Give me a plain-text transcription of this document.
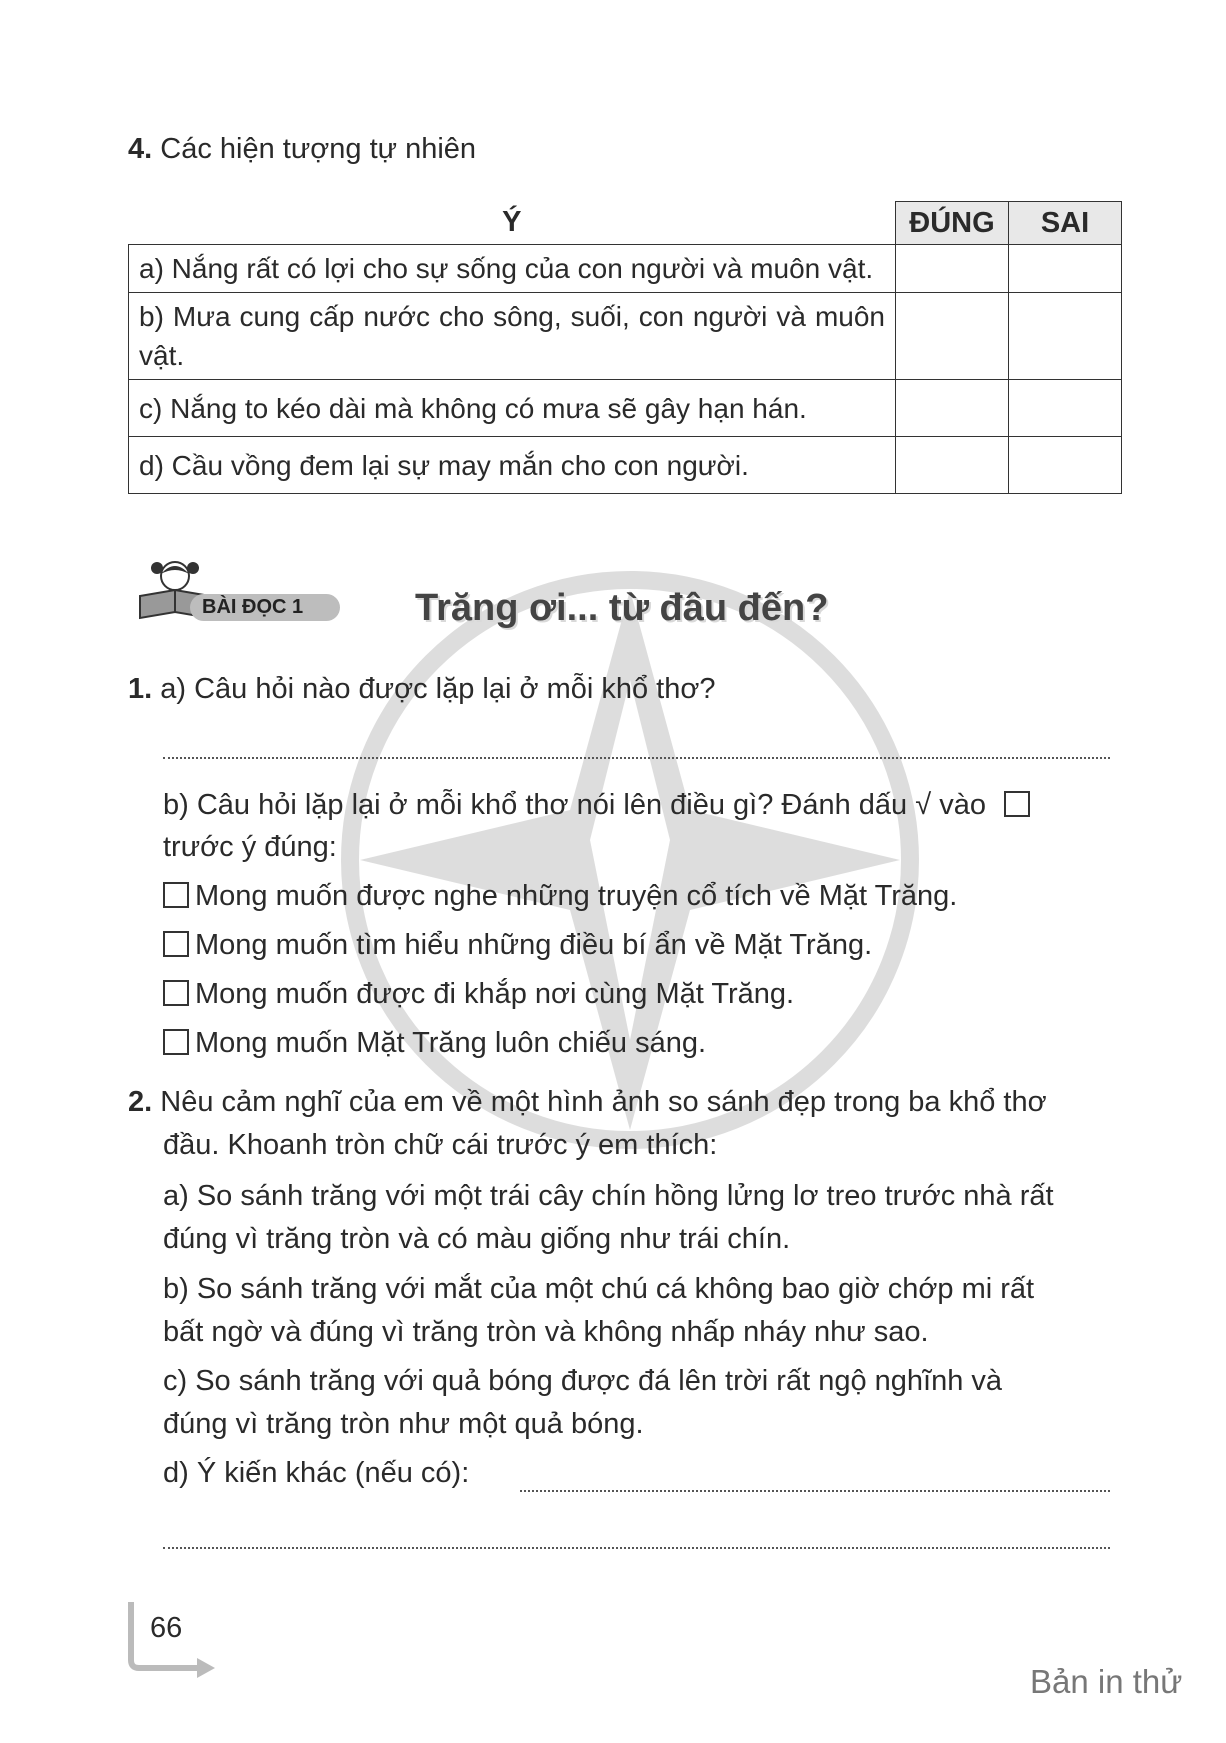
4. Các hiện tượng tự nhiên
Ý	ĐÚNG	SAI
a) Nắng rất có lợi cho sự sống của con người và muôn vật.		
b) Mưa cung cấp nước cho sông, suối, con người và muôn vật.		
c) Nắng to kéo dài mà không có mưa sẽ gây hạn hán.		
d) Cầu vồng đem lại sự may mắn cho con người.		
BÀI ĐỌC 1	Trăng ơi... từ đâu đến?
1. a) Câu hỏi nào được lặp lại ở mỗi khổ thơ?
b) Câu hỏi lặp lại ở mỗi khổ thơ nói lên điều gì? Đánh dấu √ vào
trước ý đúng:
Mong muốn được nghe những truyện cổ tích về Mặt Trăng.
Mong muốn tìm hiểu những điều bí ẩn về Mặt Trăng.
Mong muốn được đi khắp nơi cùng Mặt Trăng.
Mong muốn Mặt Trăng luôn chiếu sáng.
2. Nêu cảm nghĩ của em về một hình ảnh so sánh đẹp trong ba khổ thơ
đầu. Khoanh tròn chữ cái trước ý em thích:
a) So sánh trăng với một trái cây chín hồng lửng lơ treo trước nhà rất
đúng vì trăng tròn và có màu giống như trái chín.
b) So sánh trăng với mắt của một chú cá không bao giờ chớp mi rất
bất ngờ và đúng vì trăng tròn và không nhấp nháy như sao.
c) So sánh trăng với quả bóng được đá lên trời rất ngộ nghĩnh và
đúng vì trăng tròn như một quả bóng.
d) Ý kiến khác (nếu có):
66
Bản in thử
